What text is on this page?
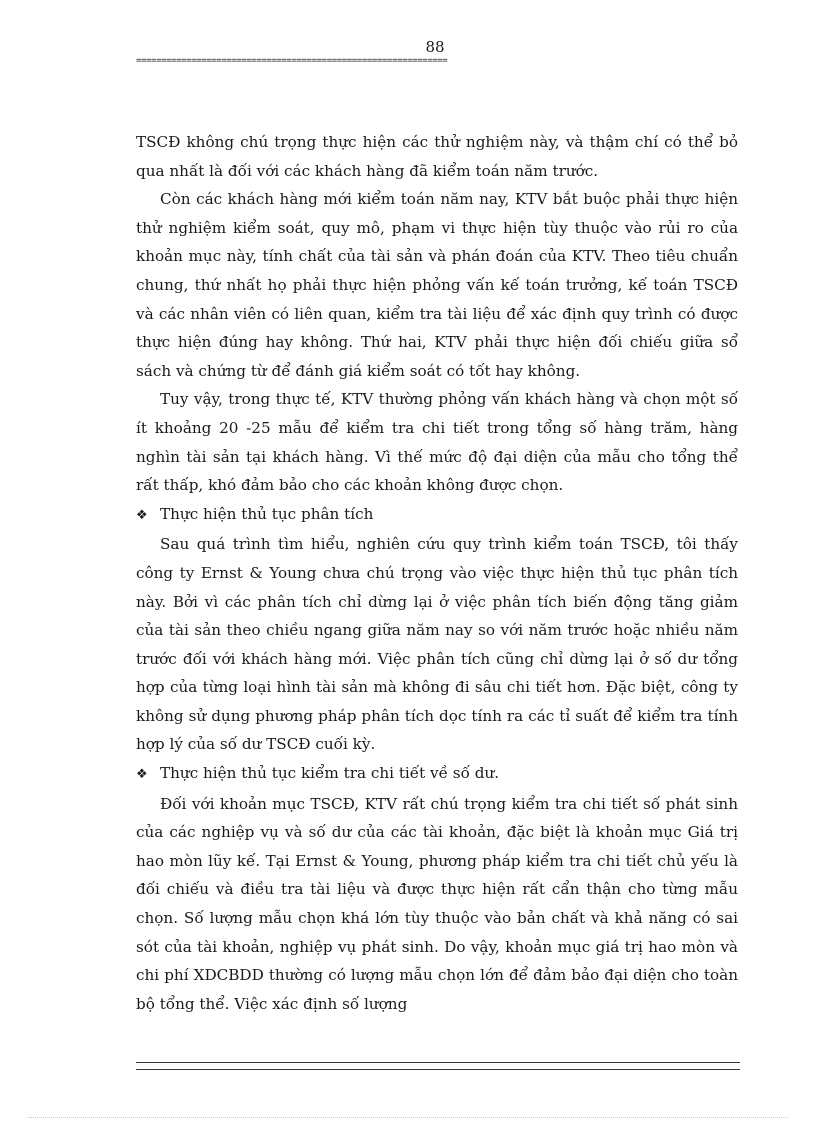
88
==============================================================

TSCĐ không chú trọng thực hiện các thử nghiệm này, và thậm chí có thể bỏ qua nhất là đối với các khách hàng đã kiểm toán năm trước.

Còn các khách hàng mới kiểm toán năm nay, KTV bắt buộc phải thực hiện thử nghiệm kiểm soát, quy mô, phạm vi thực hiện tùy thuộc vào rủi ro của khoản mục này, tính chất của tài sản và phán đoán của KTV. Theo tiêu chuẩn chung, thứ nhất họ phải thực hiện phỏng vấn kế toán trưởng, kế toán TSCĐ và các nhân viên có liên quan, kiểm tra tài liệu để xác định quy trình có được thực hiện đúng hay không. Thứ hai, KTV phải thực hiện đối chiếu giữa sổ sách và chứng từ để đánh giá kiểm soát có tốt hay không.

Tuy vậy, trong thực tế, KTV thường phỏng vấn khách hàng và chọn một số ít khoảng 20 -25 mẫu để kiểm tra chi tiết trong tổng số hàng trăm, hàng nghìn tài sản tại khách hàng. Vì thế mức độ đại diện của mẫu cho tổng thể rất thấp, khó đảm bảo cho các khoản không được chọn.

❖ Thực hiện thủ tục phân tích

Sau quá trình tìm hiểu, nghiên cứu quy trình kiểm toán TSCĐ, tôi thấy công ty Ernst & Young chưa chú trọng vào việc thực hiện thủ tục phân tích này. Bởi vì các phân tích chỉ dừng lại ở việc phân tích biến động tăng giảm của tài sản theo chiều ngang giữa năm nay so với năm trước hoặc nhiều năm trước đối với khách hàng mới. Việc phân tích cũng chỉ dừng lại ở số dư tổng hợp của từng loại hình tài sản mà không đi sâu chi tiết hơn. Đặc biệt, công ty không sử dụng phương pháp phân tích dọc tính ra các tỉ suất để kiểm tra tính hợp lý của số dư TSCĐ cuối kỳ.

❖ Thực hiện thủ tục kiểm tra chi tiết về số dư.

Đối với khoản mục TSCĐ, KTV rất chú trọng kiểm tra chi tiết số phát sinh của các nghiệp vụ và số dư của các tài khoản, đặc biệt là khoản mục Giá trị hao mòn lũy kế. Tại Ernst & Young, phương pháp kiểm tra chi tiết chủ yếu là đối chiếu và điều tra tài liệu và được thực hiện rất cẩn thận cho từng mẫu chọn. Số lượng mẫu chọn khá lớn tùy thuộc vào bản chất và khả năng có sai sót của tài khoản, nghiệp vụ phát sinh. Do vậy, khoản mục giá trị hao mòn và chi phí XDCBDD thường có lượng mẫu chọn lớn để đảm bảo đại diện cho toàn bộ tổng thể. Việc xác định số lượng
